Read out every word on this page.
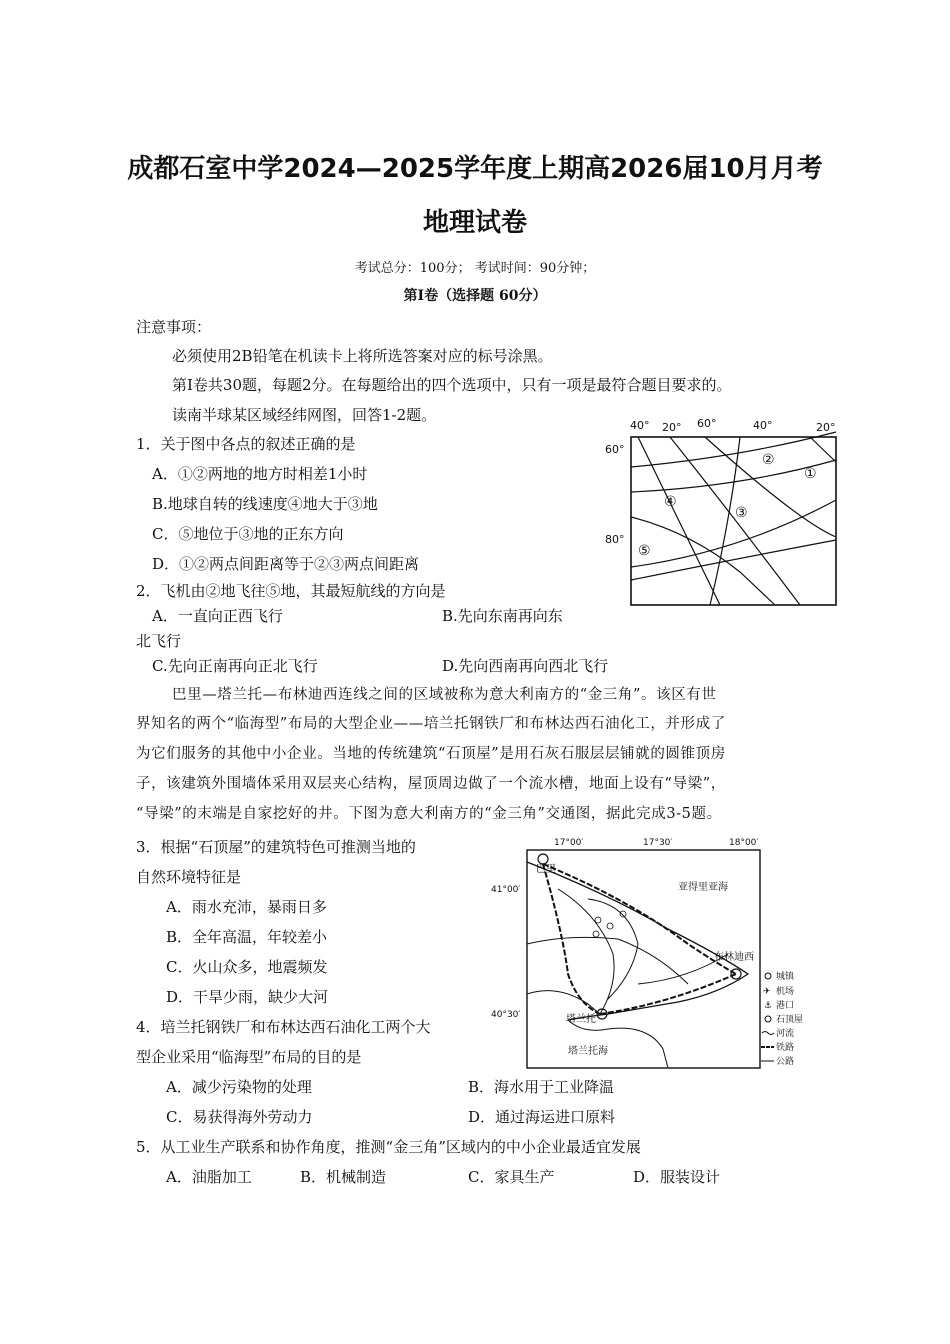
成都石室中学2024—2025学年度上期高2026届10月月考
地理试卷
考试总分：100分； 考试时间：90分钟；
第Ⅰ卷（选择题 60分）
注意事项：
必须使用2B铅笔在机读卡上将所选答案对应的标号涂黑。
第Ⅰ卷共30题，每题2分。在每题给出的四个选项中，只有一项是最符合题目要求的。
读南半球某区域经纬网图，回答1-2题。
1．关于图中各点的叙述正确的是
A．①②两地的地方时相差1小时
B.地球自转的线速度④地大于③地
C．⑤地位于③地的正东方向
D．①②两点间距离等于②③两点间距离
2．飞机由②地飞往⑤地，其最短航线的方向是
A．一直向正西飞行	B.先向东南再向东
北飞行
C.先向正南再向正北飞行	D.先向西南再向西北飞行
40° 20° 60°	40°	20°
60°
80°
①
②
③
④
⑤
巴里—塔兰托—布林迪西连线之间的区域被称为意大利南方的“金三角”。该区有世
界知名的两个“临海型”布局的大型企业——培兰托钢铁厂和布林达西石油化工，并形成了
为它们服务的其他中小企业。当地的传统建筑“石顶屋”是用石灰石服层层铺就的圆锥顶房
子，该建筑外围墙体采用双层夹心结构，屋顶周边做了一个流水槽，地面上设有“导梁”，
“导梁”的末端是自家挖好的井。下图为意大利南方的“金三角”交通图，据此完成3-5题。
3．根据“石顶屋”的建筑特色可推测当地的
自然环境特征是
A．雨水充沛，暴雨日多
B．全年高温，年较差小
C．火山众多，地震频发
D．干旱少雨，缺少大河
4．培兰托钢铁厂和布林达西石油化工两个大
型企业采用“临海型”布局的目的是
A．减少污染物的处理	B．海水用于工业降温
C．易获得海外劳动力	D．通过海运进口原料
5．从工业生产联系和协作角度，推测“金三角”区域内的中小企业最适宜发展
A．油脂加工	B．机械制造	C．家具生产	D．服装设计
17°00′	17°30′	18°00′
41°00′
40°30′
巴里
亚得里亚海
布林迪西
塔兰托
塔兰托海
城镇
✈ 机场
⚓ 港口
石顶屋
河流
铁路
公路
